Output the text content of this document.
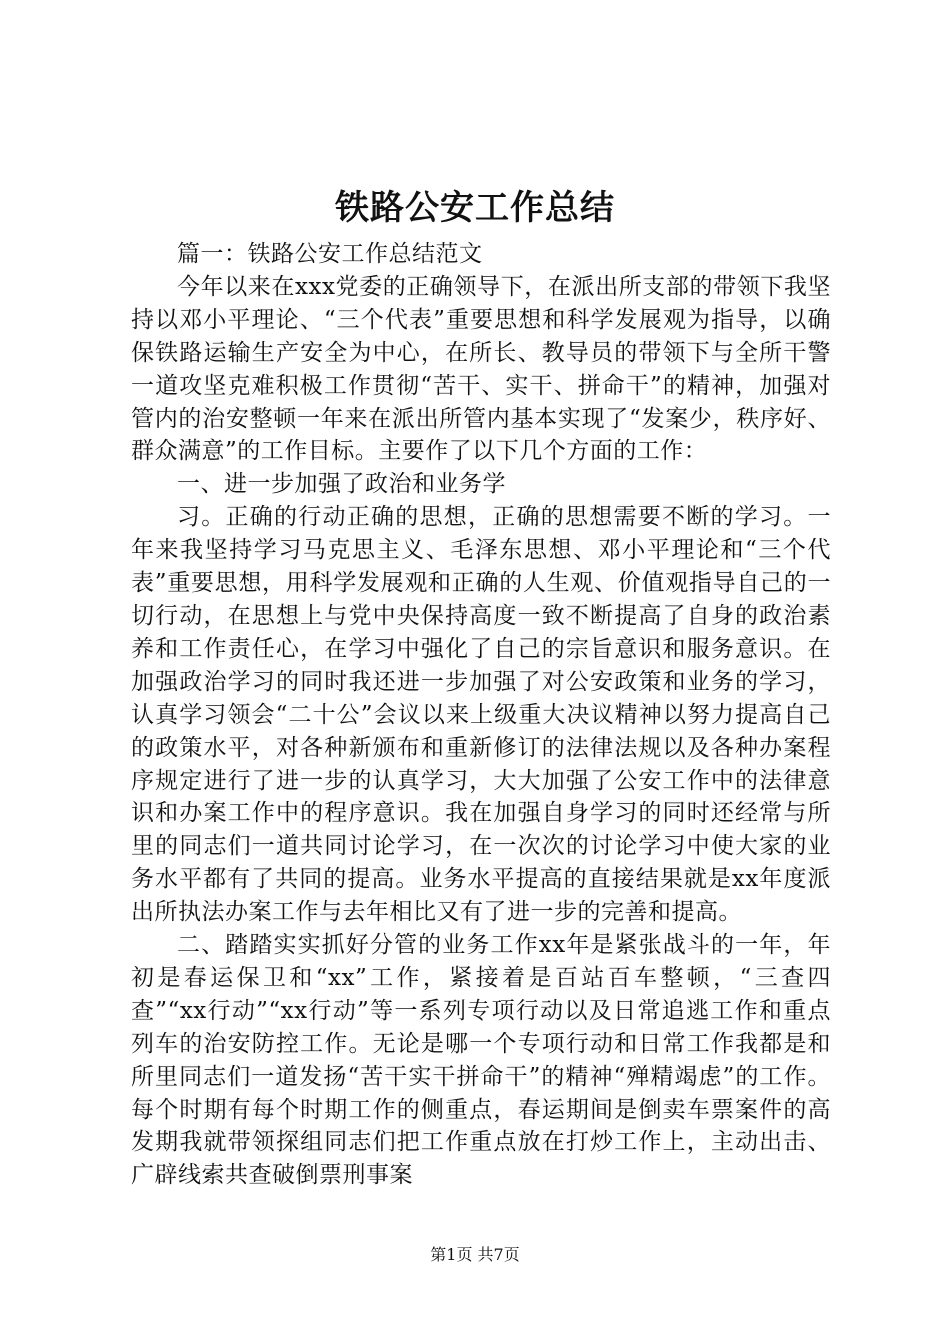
铁路公安工作总结

篇一：铁路公安工作总结范文

今年以来在xxx党委的正确领导下，在派出所支部的带领下我坚持以邓小平理论、“三个代表”重要思想和科学发展观为指导，以确保铁路运输生产安全为中心，在所长、教导员的带领下与全所干警一道攻坚克难积极工作贯彻“苦干、实干、拼命干”的精神，加强对管内的治安整顿一年来在派出所管内基本实现了“发案少，秩序好、群众满意”的工作目标。主要作了以下几个方面的工作：

一、进一步加强了政治和业务学

习。正确的行动正确的思想，正确的思想需要不断的学习。一年来我坚持学习马克思主义、毛泽东思想、邓小平理论和“三个代表”重要思想，用科学发展观和正确的人生观、价值观指导自己的一切行动，在思想上与党中央保持高度一致不断提高了自身的政治素养和工作责任心，在学习中强化了自己的宗旨意识和服务意识。在加强政治学习的同时我还进一步加强了对公安政策和业务的学习，认真学习领会“二十公”会议以来上级重大决议精神以努力提高自己的政策水平，对各种新颁布和重新修订的法律法规以及各种办案程序规定进行了进一步的认真学习，大大加强了公安工作中的法律意识和办案工作中的程序意识。我在加强自身学习的同时还经常与所里的同志们一道共同讨论学习，在一次次的讨论学习中使大家的业务水平都有了共同的提高。业务水平提高的直接结果就是xx年度派出所执法办案工作与去年相比又有了进一步的完善和提高。

二、踏踏实实抓好分管的业务工作xx年是紧张战斗的一年，年初是春运保卫和“xx”工作，紧接着是百站百车整顿，“三查四查”“xx行动”“xx行动”等一系列专项行动以及日常追逃工作和重点列车的治安防控工作。无论是哪一个专项行动和日常工作我都是和所里同志们一道发扬“苦干实干拼命干”的精神“殚精竭虑”的工作。每个时期有每个时期工作的侧重点，春运期间是倒卖车票案件的高发期我就带领探组同志们把工作重点放在打炒工作上，主动出击、广辟线索共查破倒票刑事案

第1页 共7页
